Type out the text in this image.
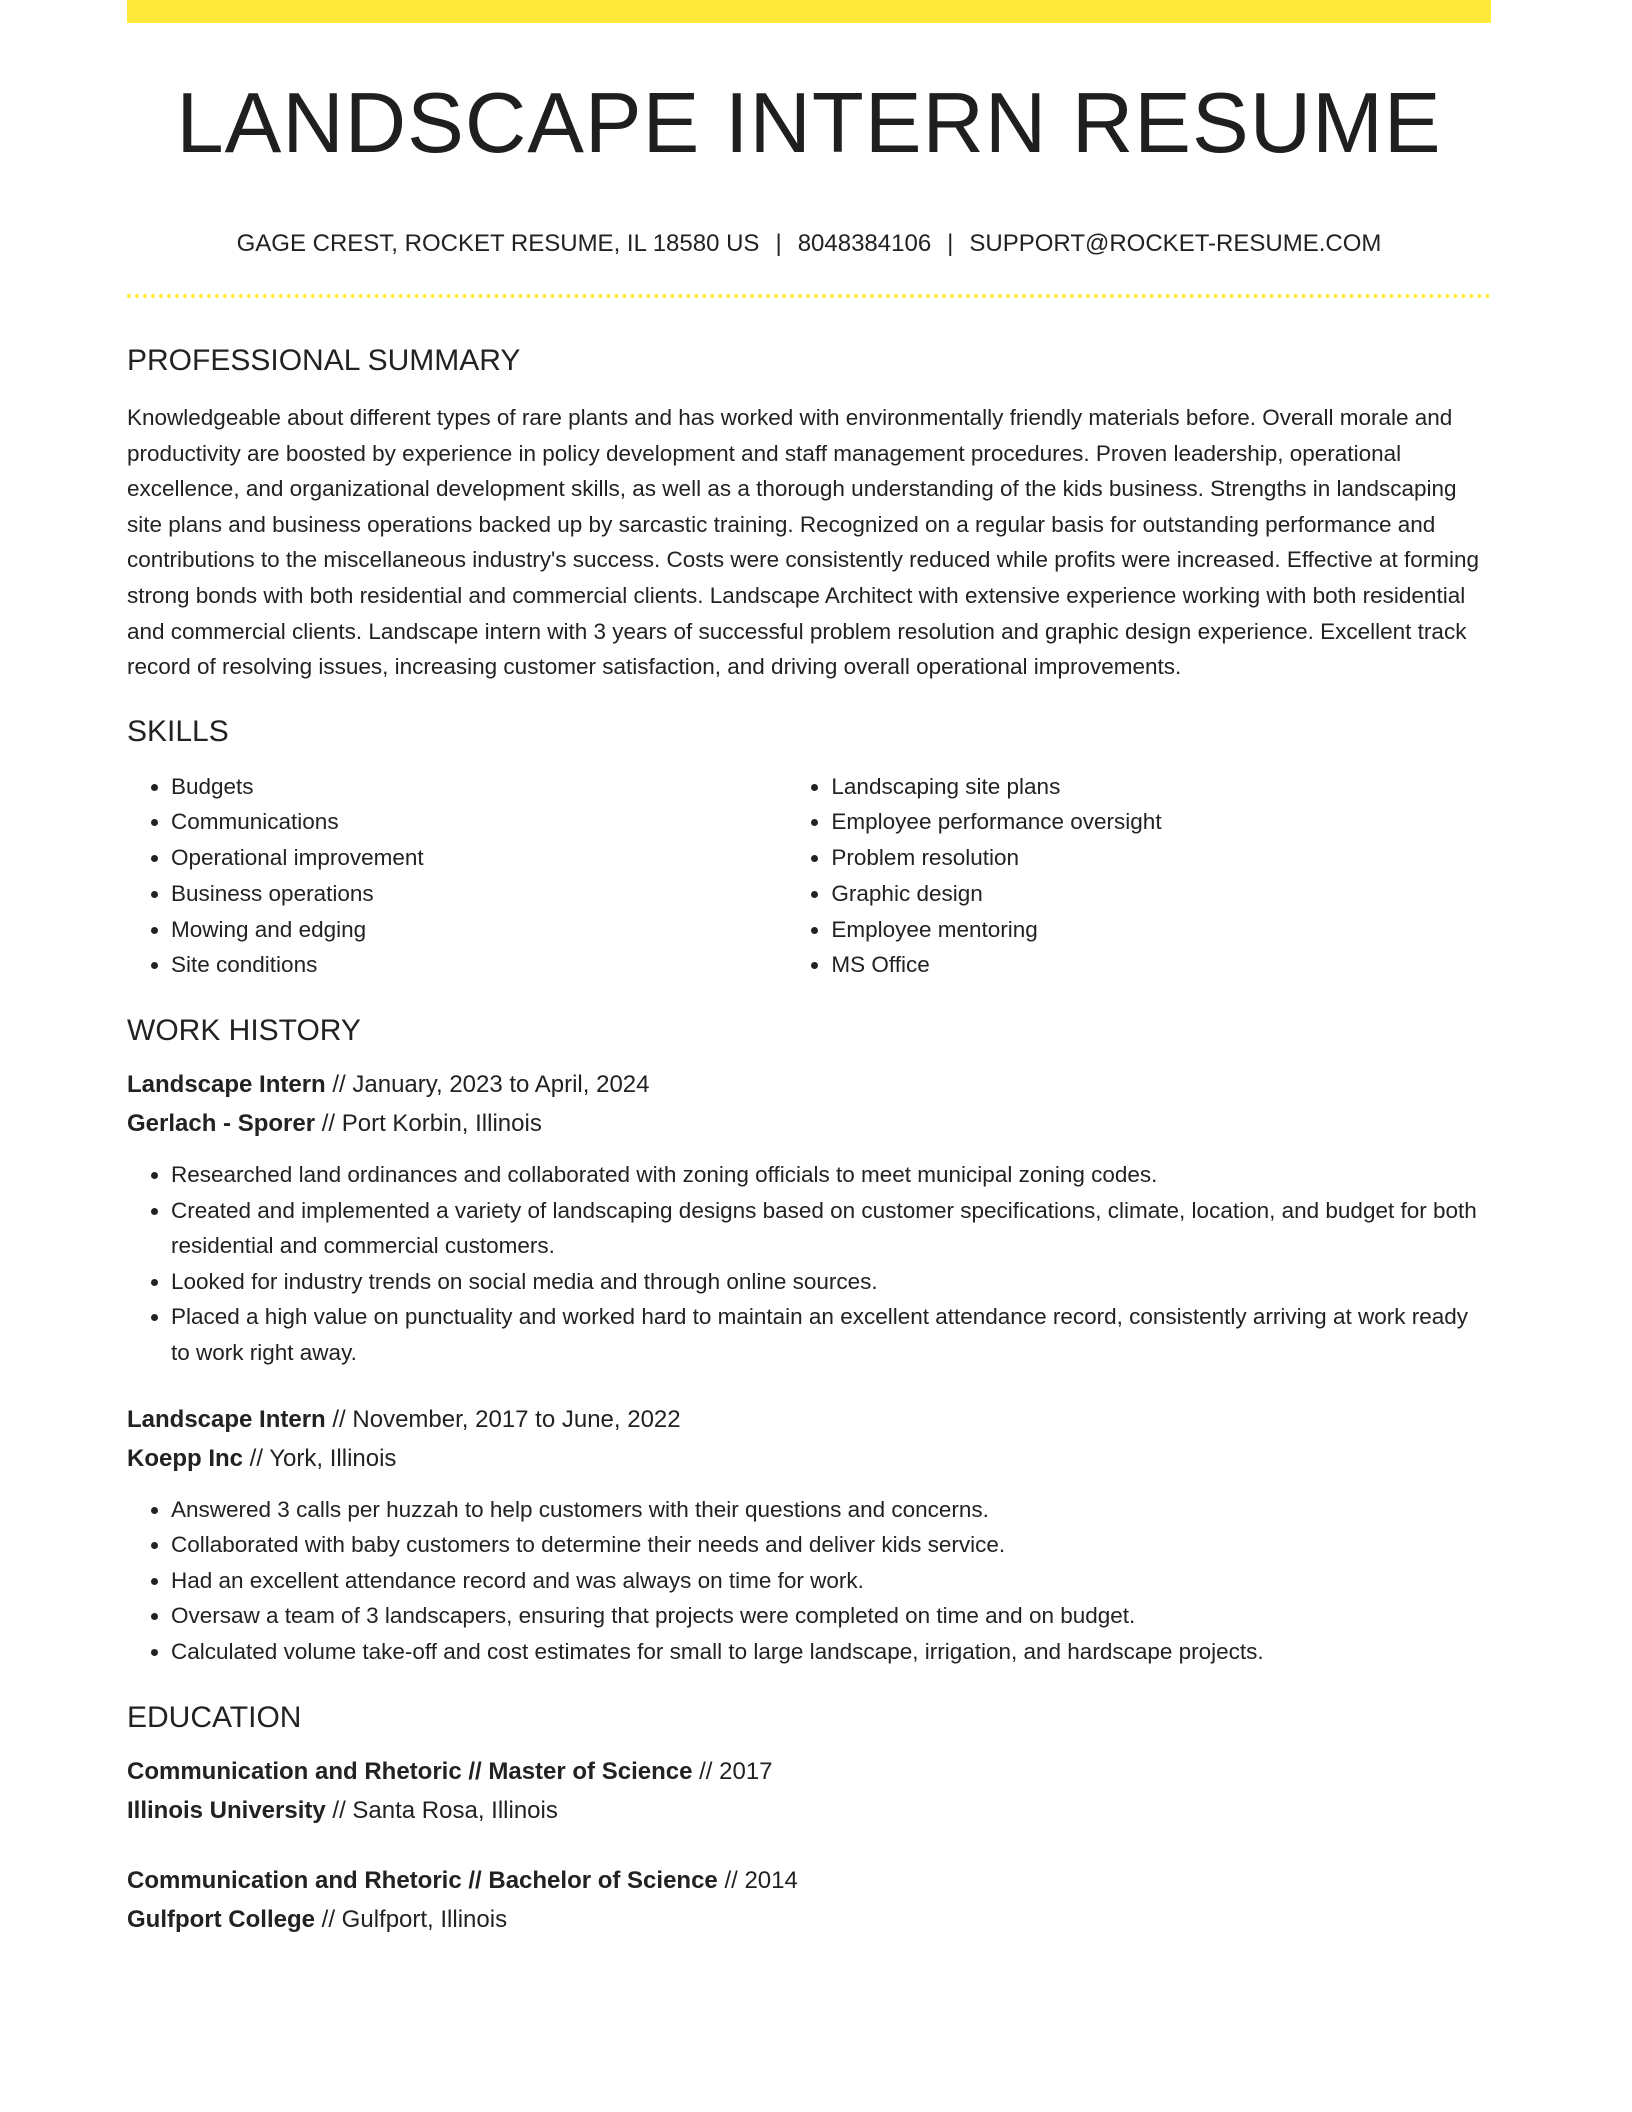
LANDSCAPE INTERN RESUME
GAGE CREST, ROCKET RESUME, IL 18580 US | 8048384106 | SUPPORT@ROCKET-RESUME.COM
PROFESSIONAL SUMMARY

Knowledgeable about different types of rare plants and has worked with environmentally friendly materials before. Overall morale and productivity are boosted by experience in policy development and staff management procedures. Proven leadership, operational excellence, and organizational development skills, as well as a thorough understanding of the kids business. Strengths in landscaping site plans and business operations backed up by sarcastic training. Recognized on a regular basis for outstanding performance and contributions to the miscellaneous industry's success. Costs were consistently reduced while profits were increased. Effective at forming strong bonds with both residential and commercial clients. Landscape Architect with extensive experience working with both residential and commercial clients. Landscape intern with 3 years of successful problem resolution and graphic design experience. Excellent track record of resolving issues, increasing customer satisfaction, and driving overall operational improvements.

SKILLS
• Budgets
• Communications
• Operational improvement
• Business operations
• Mowing and edging
• Site conditions
• Landscaping site plans
• Employee performance oversight
• Problem resolution
• Graphic design
• Employee mentoring
• MS Office
WORK HISTORY
Landscape Intern // January, 2023 to April, 2024
Gerlach - Sporer // Port Korbin, Illinois
• Researched land ordinances and collaborated with zoning officials to meet municipal zoning codes.
• Created and implemented a variety of landscaping designs based on customer specifications, climate, location, and budget for both residential and commercial customers.
• Looked for industry trends on social media and through online sources.
• Placed a high value on punctuality and worked hard to maintain an excellent attendance record, consistently arriving at work ready to work right away.
Landscape Intern // November, 2017 to June, 2022
Koepp Inc // York, Illinois
• Answered 3 calls per huzzah to help customers with their questions and concerns.
• Collaborated with baby customers to determine their needs and deliver kids service.
• Had an excellent attendance record and was always on time for work.
• Oversaw a team of 3 landscapers, ensuring that projects were completed on time and on budget.
• Calculated volume take-off and cost estimates for small to large landscape, irrigation, and hardscape projects.
EDUCATION
Communication and Rhetoric // Master of Science // 2017
Illinois University // Santa Rosa, Illinois
Communication and Rhetoric // Bachelor of Science // 2014
Gulfport College // Gulfport, Illinois
